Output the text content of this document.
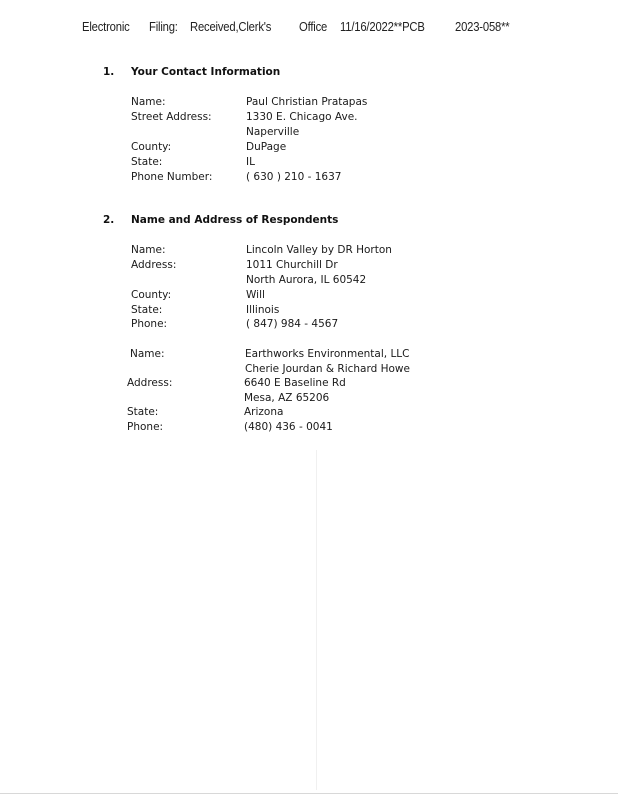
Electronic Filing: Received,Clerk's Office 11/16/2022**PCB 2023-058**
1. Your Contact Information
Name:	Paul Christian Pratapas
Street Address:	1330 E. Chicago Ave.
Naperville
County:	DuPage
State:	IL
Phone Number:	( 630 ) 210 - 1637
2. Name and Address of Respondents
Name:	Lincoln Valley by DR Horton
Address:	1011 Churchill Dr
North Aurora, IL 60542
County:	Will
State:	Illinois
Phone:	( 847) 984 - 4567
Name:	Earthworks Environmental, LLC
Cherie Jourdan & Richard Howe
Address:	6640 E Baseline Rd
Mesa, AZ 65206
State:	Arizona
Phone:	(480) 436 - 0041
